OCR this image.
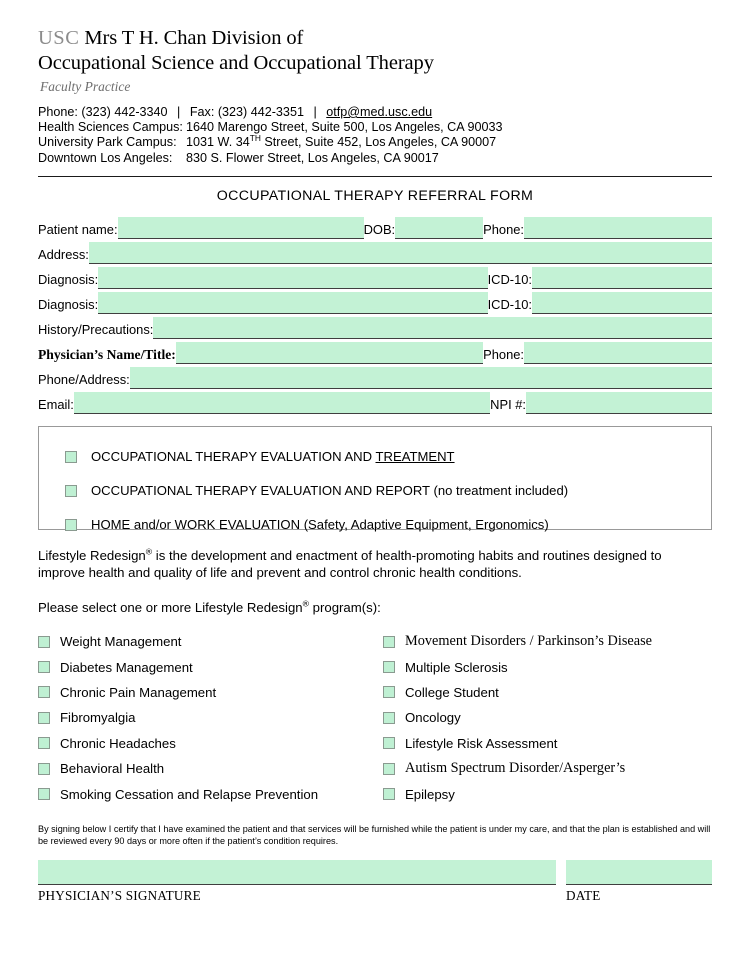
USC Mrs T H. Chan Division of
Occupational Science and Occupational Therapy
Faculty Practice
Phone: (323) 442-3340 | Fax: (323) 442-3351 | otfp@med.usc.edu
Health Sciences Campus: 1640 Marengo Street, Suite 500, Los Angeles, CA 90033
University Park Campus: 1031 W. 34TH Street, Suite 452, Los Angeles, CA 90007
Downtown Los Angeles: 830 S. Flower Street, Los Angeles, CA 90017
OCCUPATIONAL THERAPY REFERRAL FORM
Patient name:	DOB:	Phone:
Address:
Diagnosis:	ICD-10:
Diagnosis:	ICD-10:
History/Precautions:
Physician’s Name/Title:	Phone:
Phone/Address:
Email:	NPI #:
OCCUPATIONAL THERAPY EVALUATION AND TREATMENT
OCCUPATIONAL THERAPY EVALUATION AND REPORT (no treatment included)
HOME and/or WORK EVALUATION (Safety, Adaptive Equipment, Ergonomics)
Lifestyle Redesign® is the development and enactment of health-promoting habits and routines designed to improve health and quality of life and prevent and control chronic health conditions.
Please select one or more Lifestyle Redesign® program(s):
Weight Management
Diabetes Management
Chronic Pain Management
Fibromyalgia
Chronic Headaches
Behavioral Health
Smoking Cessation and Relapse Prevention
Movement Disorders / Parkinson’s Disease
Multiple Sclerosis
College Student
Oncology
Lifestyle Risk Assessment
Autism Spectrum Disorder/Asperger’s
Epilepsy
By signing below I certify that I have examined the patient and that services will be furnished while the patient is under my care, and that the plan is established and will be reviewed every 90 days or more often if the patient’s condition requires.
PHYSICIAN’S SIGNATURE	DATE
